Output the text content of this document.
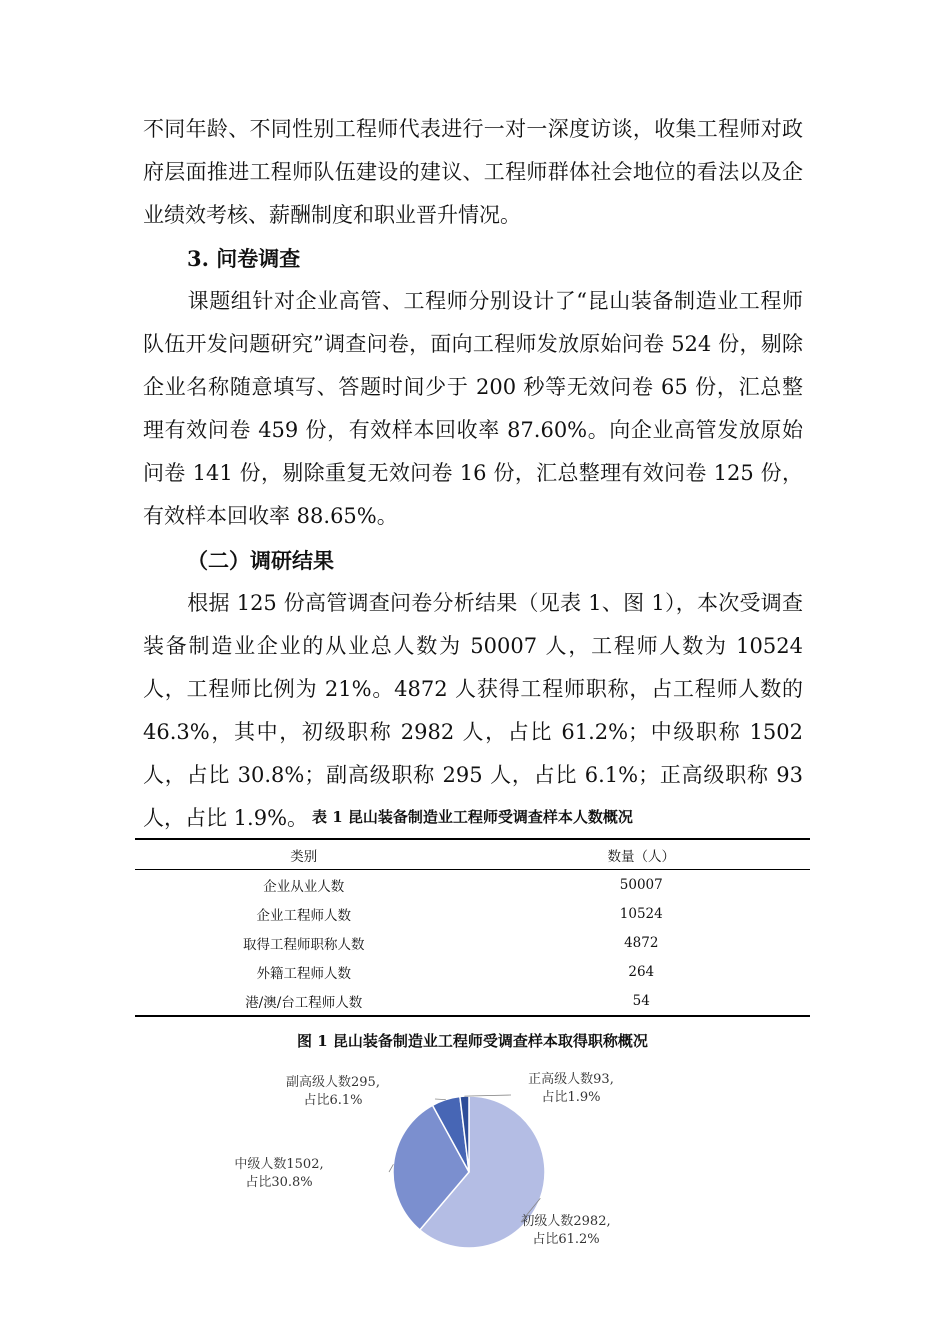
不同年龄、不同性别工程师代表进行一对一深度访谈，收集工程师对政府层面推进工程师队伍建设的建议、工程师群体社会地位的看法以及企业绩效考核、薪酬制度和职业晋升情况。
3. 问卷调查
课题组针对企业高管、工程师分别设计了“昆山装备制造业工程师队伍开发问题研究”调查问卷，面向工程师发放原始问卷 524 份，剔除企业名称随意填写、答题时间少于 200 秒等无效问卷 65 份，汇总整理有效问卷 459 份，有效样本回收率 87.60%。向企业高管发放原始问卷 141 份，剔除重复无效问卷 16 份，汇总整理有效问卷 125 份，有效样本回收率 88.65%。
（二）调研结果
根据 125 份高管调查问卷分析结果（见表 1、图 1），本次受调查装备制造业企业的从业总人数为 50007 人，工程师人数为 10524 人，工程师比例为 21%。4872 人获得工程师职称，占工程师人数的 46.3%，其中，初级职称 2982 人，占比 61.2%；中级职称 1502 人，占比 30.8%；副高级职称 295 人，占比 6.1%；正高级职称 93 人，占比 1.9%。 表 1 昆山装备制造业工程师受调查样本人数概况
类别	数量（人）
企业从业人数	50007
企业工程师人数	10524
取得工程师职称人数	4872
外籍工程师人数	264
港/澳/台工程师人数	54
图 1 昆山装备制造业工程师受调查样本取得职称概况
初级人数2982,
占比61.2%
中级人数1502,
占比30.8%
副高级人数295,
占比6.1%
正高级人数93,
占比1.9%
